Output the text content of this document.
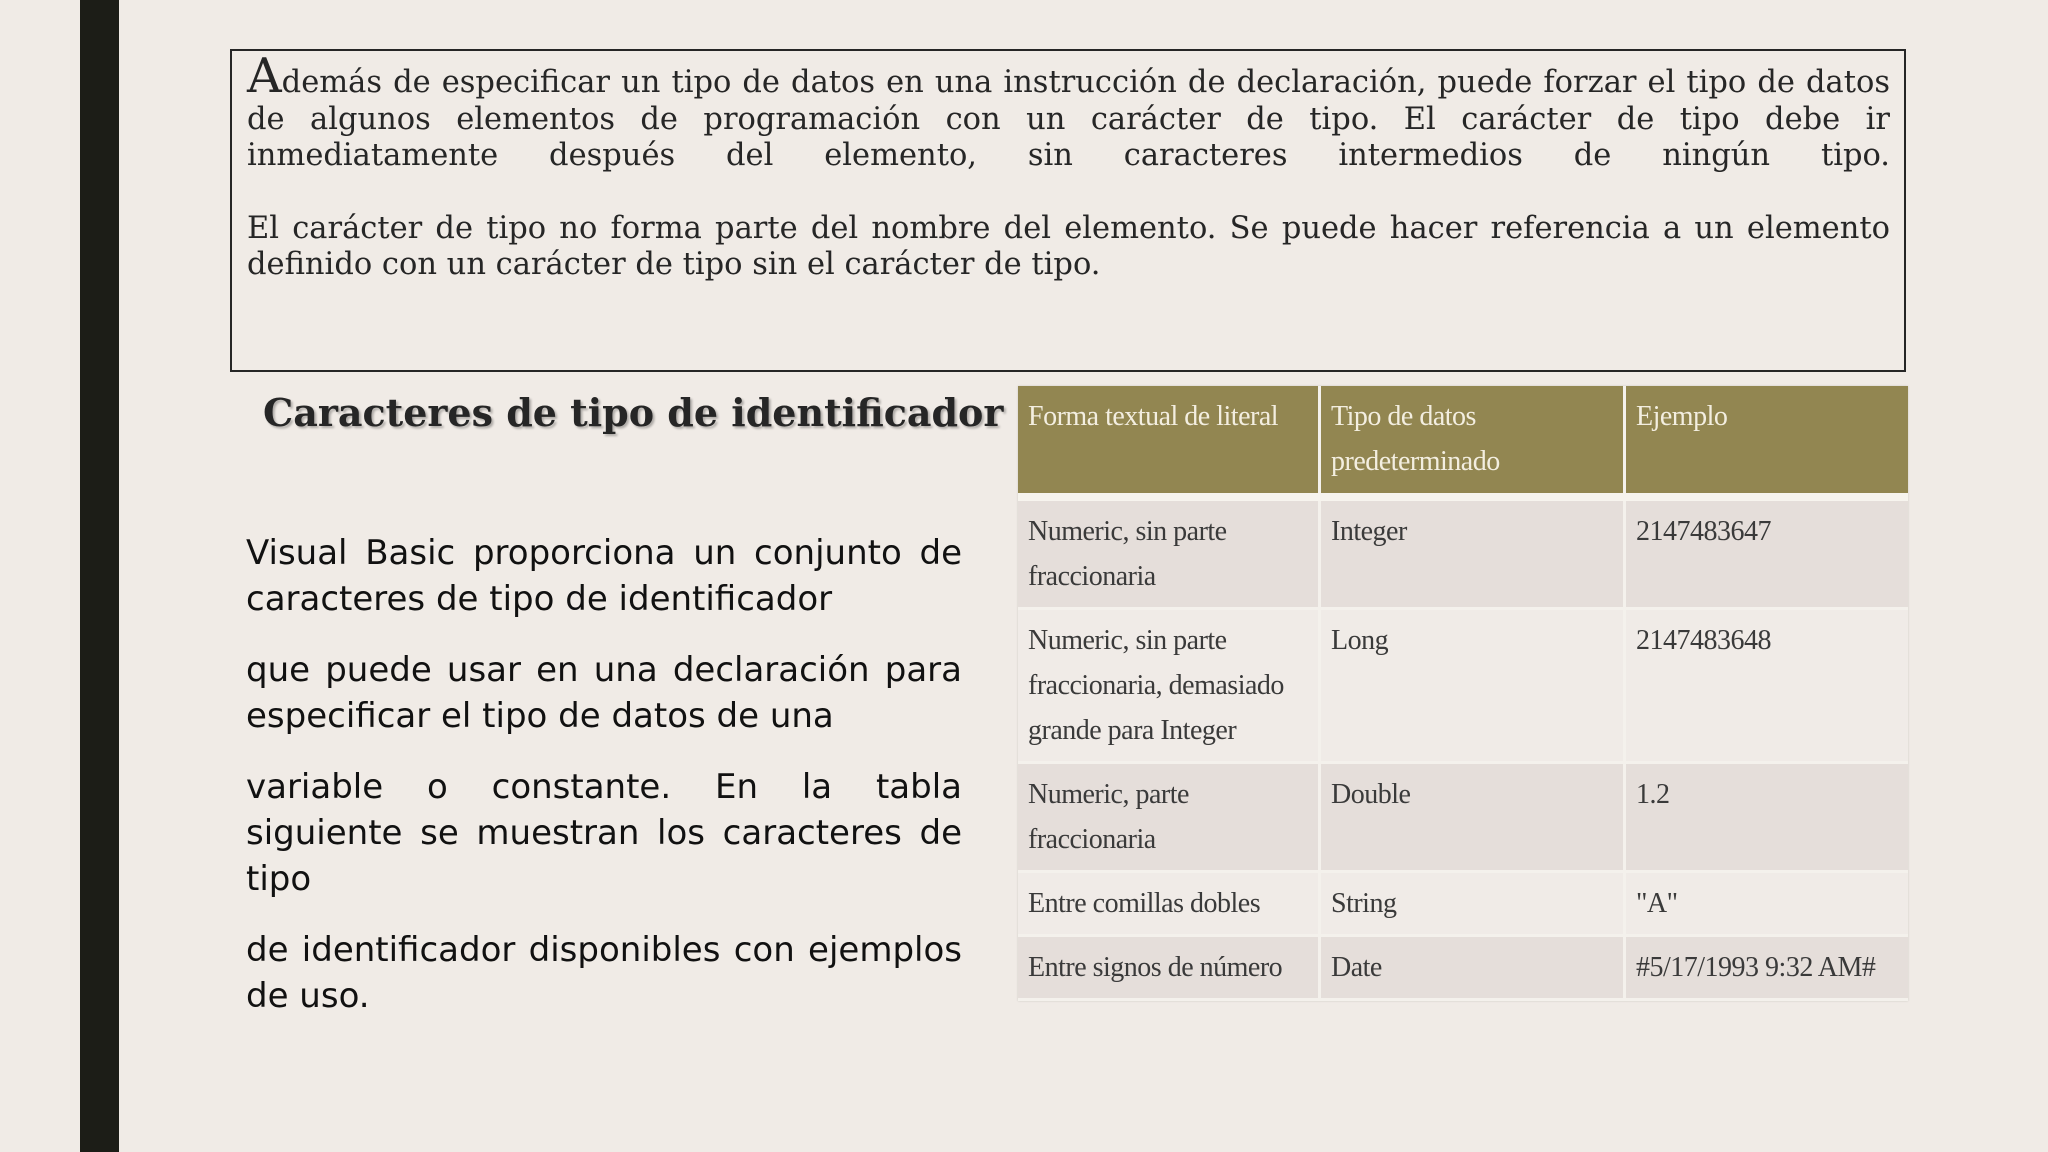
Además de especificar un tipo de datos en una instrucción de declaración, puede forzar el tipo de datos de algunos elementos de programación con un carácter de tipo. El carácter de tipo debe ir inmediatamente después del elemento, sin caracteres intermedios de ningún tipo.

El carácter de tipo no forma parte del nombre del elemento. Se puede hacer referencia a un elemento definido con un carácter de tipo sin el carácter de tipo.

Caracteres de tipo de identificador

Visual Basic proporciona un conjunto de caracteres de tipo de identificador

que puede usar en una declaración para especificar el tipo de datos de una

variable o constante. En la tabla siguiente se muestran los caracteres de tipo

de identificador disponibles con ejemplos de uso.

Forma textual de literal	Tipo de datos predeterminado	Ejemplo
Numeric, sin parte fraccionaria	Integer	2147483647
Numeric, sin parte fraccionaria, demasiado grande para Integer	Long	2147483648
Numeric, parte fraccionaria	Double	1.2
Entre comillas dobles	String	"A"
Entre signos de número	Date	#5/17/1993 9:32 AM#
